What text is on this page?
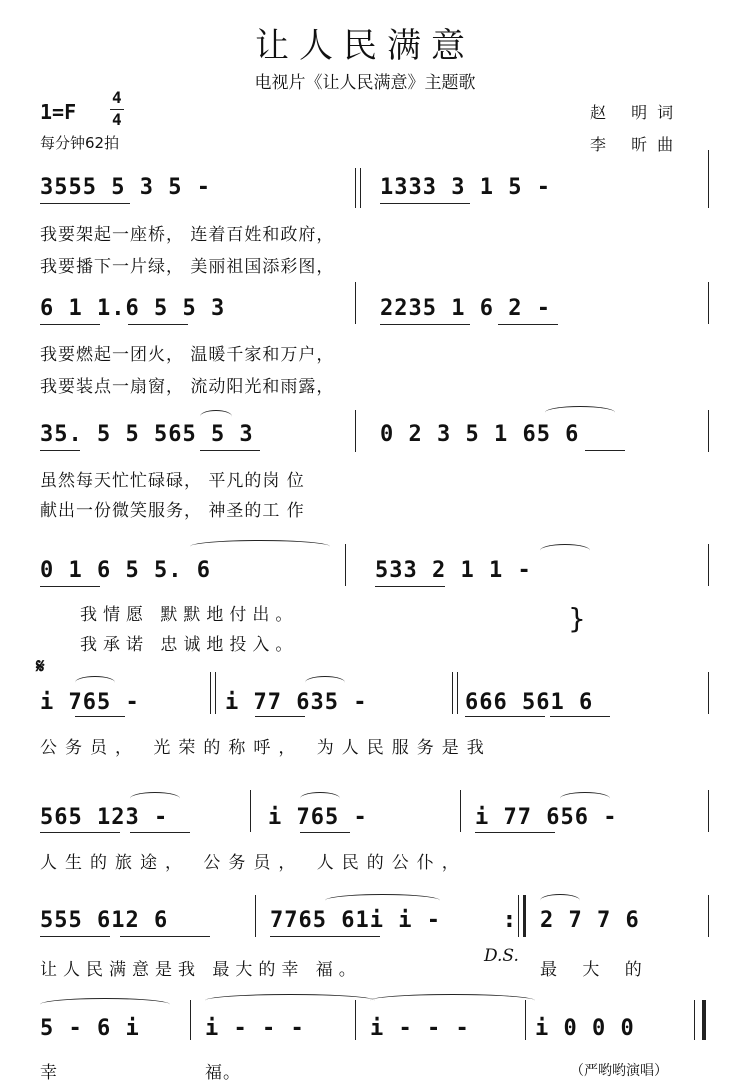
让人民满意
电视片《让人民满意》主题歌
1=F
4
4
每分钟62拍
赵 明词
李 昕曲
3555 5 3 5 -	1333 3 1 5 -
我要架起一座桥， 连着百姓和政府，
我要播下一片绿， 美丽祖国添彩图，
6 1 1.6 5 5 3	2235 1 6 2 -
我要燃起一团火， 温暖千家和万户，
我要装点一扇窗， 流动阳光和雨露，
35. 5 5 565 5 3	0 2 3 5 1 65 6
虽然每天忙忙碌碌， 平凡的岗 位
献出一份微笑服务， 神圣的工 作
0 1 6 5 5. 6	533 2 1 1 -
我情愿 默默地付出。
我承诺 忠诚地投入。
}
𝄋
i 765 -	i 77 635 -	666 561 6
公务员， 光荣的称呼， 为人民服务是我
565 123 -	i 765 -	i 77 656 -
人生的旅途， 公务员， 人民的公仆，
555 612 6	7765 61i i -	: 2 7 7 6
让人民满意是我 最大的幸 福。
D.S.
最 大 的
5 - 6 i	i - - -	i - - -	i 0 0 0
幸	福。	（严哟哟演唱）
